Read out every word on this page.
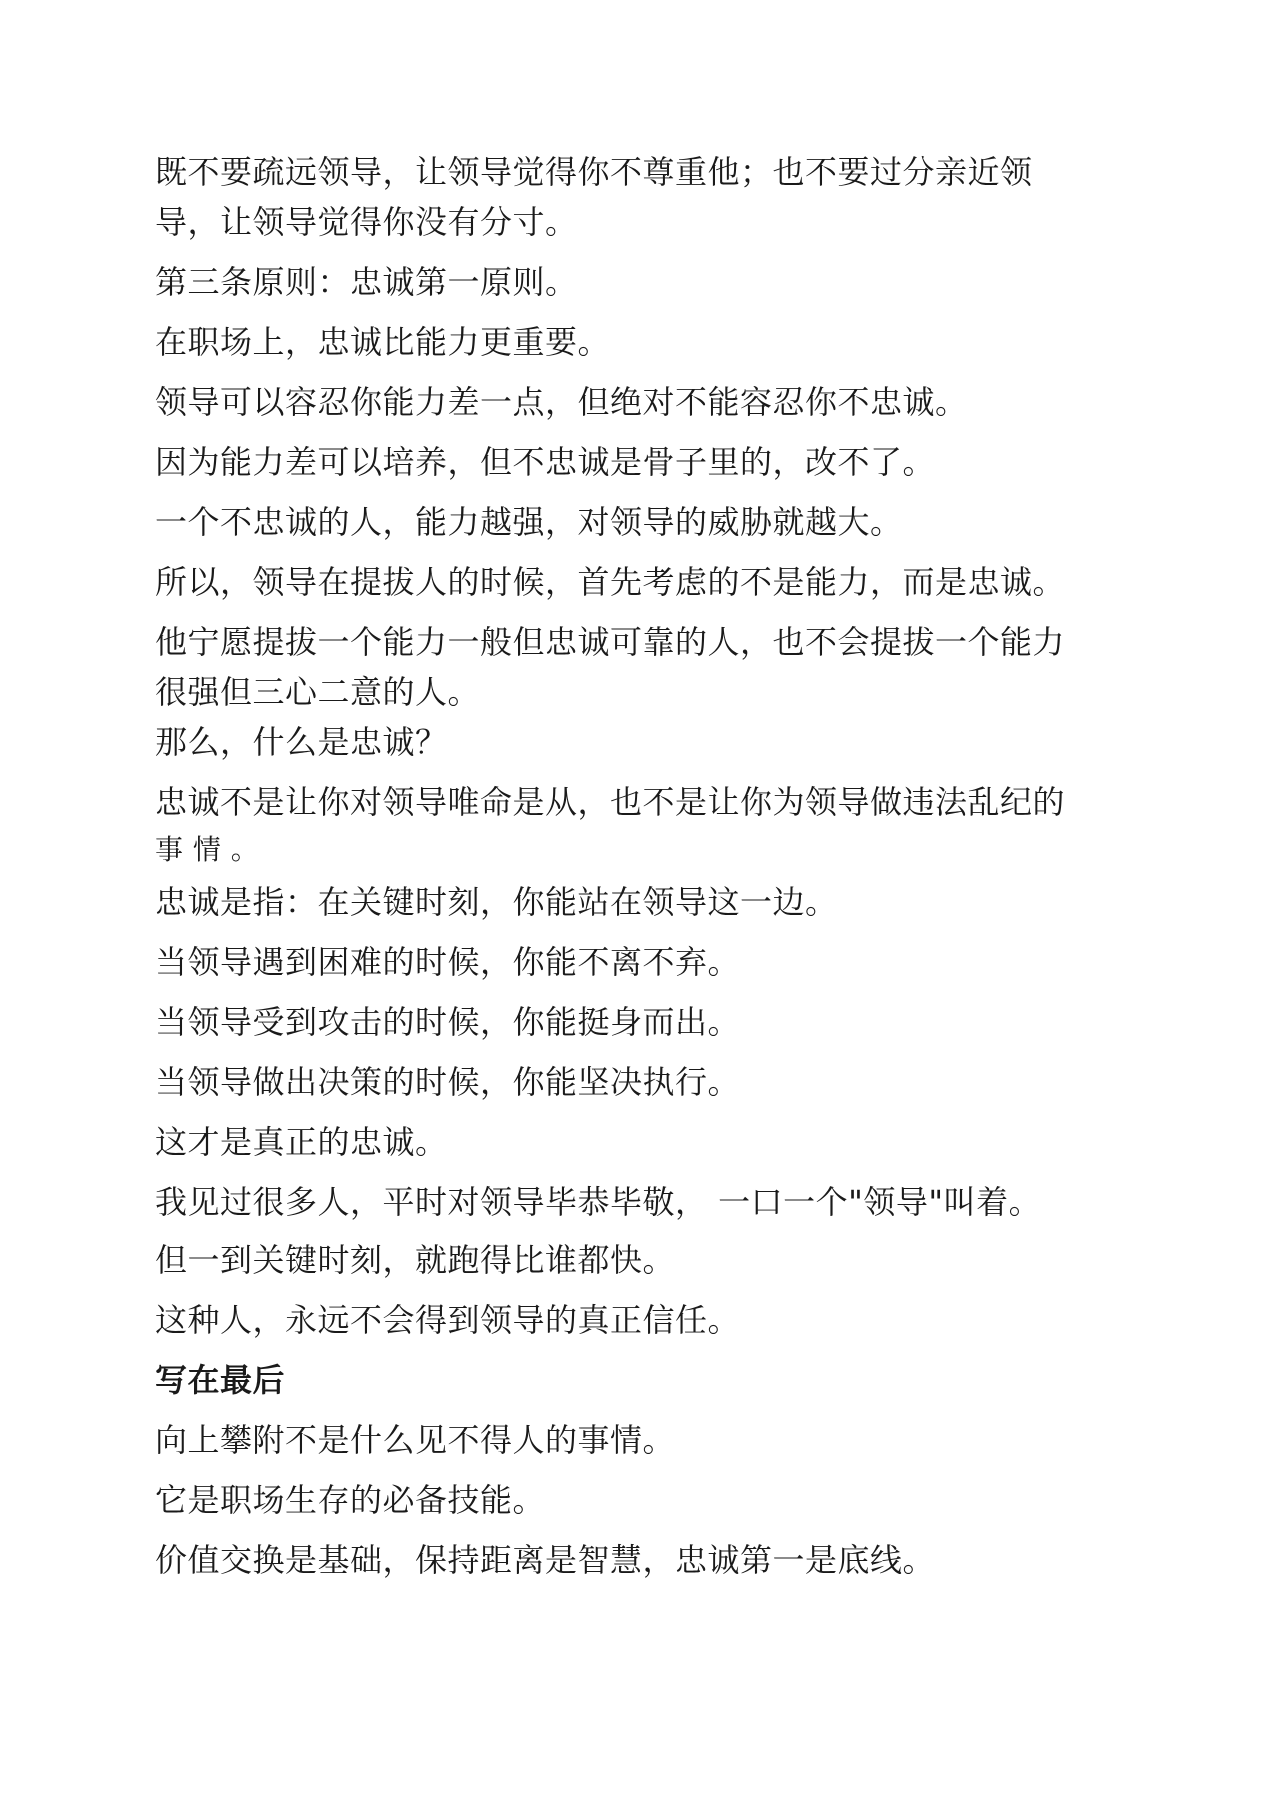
既不要疏远领导，让领导觉得你不尊重他；也不要过分亲近领
导，让领导觉得你没有分寸。
第三条原则：忠诚第一原则。
在职场上，忠诚比能力更重要。
领导可以容忍你能力差一点，但绝对不能容忍你不忠诚。
因为能力差可以培养，但不忠诚是骨子里的，改不了。
一个不忠诚的人，能力越强，对领导的威胁就越大。
所以，领导在提拔人的时候，首先考虑的不是能力，而是忠诚。
他宁愿提拔一个能力一般但忠诚可靠的人，也不会提拔一个能力
很强但三心二意的人。
那么，什么是忠诚？
忠诚不是让你对领导唯命是从，也不是让你为领导做违法乱纪的
事 情 。
忠诚是指：在关键时刻，你能站在领导这一边。
当领导遇到困难的时候，你能不离不弃。
当领导受到攻击的时候，你能挺身而出。
当领导做出决策的时候，你能坚决执行。
这才是真正的忠诚。
我见过很多人，平时对领导毕恭毕敬， 一口一个"领导"叫着。
但一到关键时刻，就跑得比谁都快。
这种人，永远不会得到领导的真正信任。
写在最后
向上攀附不是什么见不得人的事情。
它是职场生存的必备技能。
价值交换是基础，保持距离是智慧，忠诚第一是底线。
